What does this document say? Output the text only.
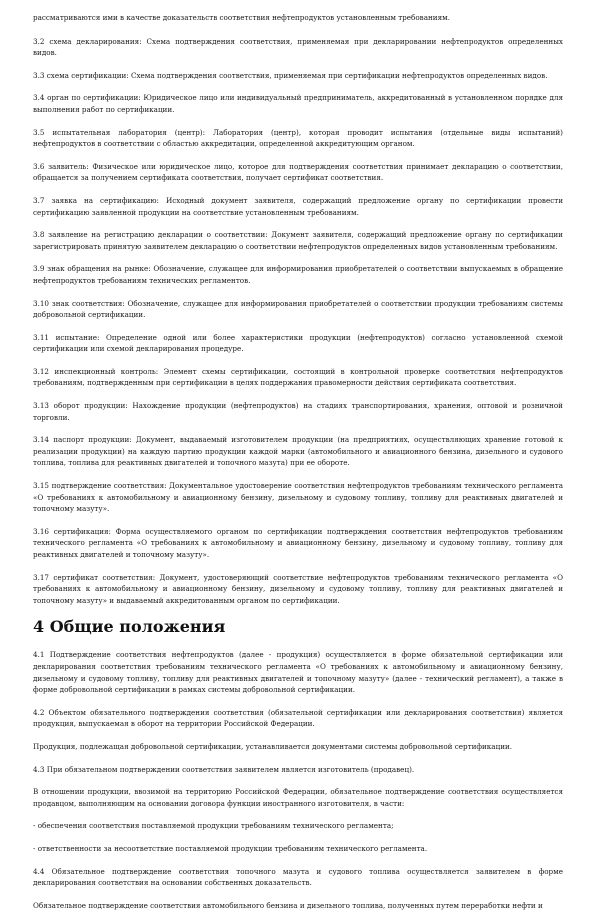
рассматриваются ими в качестве доказательств соответствия нефтепродуктов установленным требованиям.

3.2 схема декларирования: Схема подтверждения соответствия, применяемая при декларировании нефтепродуктов определенных видов.

3.3 схема сертификации: Схема подтверждения соответствия, применяемая при сертификации нефтепродуктов определенных видов.

3.4 орган по сертификации: Юридическое лицо или индивидуальный предприниматель, аккредитованный в установленном порядке для выполнения работ по сертификации.

3.5 испытательная лаборатория (центр): Лаборатория (центр), которая проводит испытания (отдельные виды испытаний) нефтепродуктов в соответствии с областью аккредитации, определенной аккредитующим органом.

3.6 заявитель: Физическое или юридическое лицо, которое для подтверждения соответствия принимает декларацию о соответствии, обращается за получением сертификата соответствия, получает сертификат соответствия.

3.7 заявка на сертификацию: Исходный документ заявителя, содержащий предложение органу по сертификации провести сертификацию заявленной продукции на соответствие установленным требованиям.

3.8 заявление на регистрацию декларации о соответствии: Документ заявителя, содержащий предложение органу по сертификации зарегистрировать принятую заявителем декларацию о соответствии нефтепродуктов определенных видов установленным требованиям.

3.9 знак обращения на рынке: Обозначение, служащее для информирования приобретателей о соответствии выпускаемых в обращение нефтепродуктов требованиям технических регламентов.

3.10 знак соответствия: Обозначение, служащее для информирования приобретателей о соответствии продукции требованиям системы добровольной сертификации.

3.11 испытание: Определение одной или более характеристики продукции (нефтепродуктов) согласно установленной схемой сертификации или схемой декларирования процедуре.

3.12 инспекционный контроль: Элемент схемы сертификации, состоящий в контрольной проверке соответствия нефтепродуктов требованиям, подтвержденным при сертификации в целях поддержания правомерности действия сертификата соответствия.

3.13 оборот продукции: Нахождение продукции (нефтепродуктов) на стадиях транспортирования, хранения, оптовой и розничной торговли.

3.14 паспорт продукции: Документ, выдаваемый изготовителем продукции (на предприятиях, осуществляющих хранение готовой к реализации продукции) на каждую партию продукции каждой марки (автомобильного и авиационного бензина, дизельного и судового топлива, топлива для реактивных двигателей и топочного мазута) при ее обороте.

3.15 подтверждение соответствия: Документальное удостоверение соответствия нефтепродуктов требованиям технического регламента «О требованиях к автомобильному и авиационному бензину, дизельному и судовому топливу, топливу для реактивных двигателей и топочному мазуту».

3.16 сертификация: Форма осуществляемого органом по сертификации подтверждения соответствия нефтепродуктов требованиям технического регламента «О требованиях к автомобильному и авиационному бензину, дизельному и судовому топливу, топливу для реактивных двигателей и топочному мазуту».

3.17 сертификат соответствия: Документ, удостоверяющий соответствие нефтепродуктов требованиям технического регламента «О требованиях к автомобильному и авиационному бензину, дизельному и судовому топливу, топливу для реактивных двигателей и топочному мазуту» и выдаваемый аккредитованным органом по сертификации.

4 Общие положения

4.1 Подтверждение соответствия нефтепродуктов (далее - продукция) осуществляется в форме обязательной сертификации или декларирования соответствия требованиям технического регламента «О требованиях к автомобильному и авиационному бензину, дизельному и судовому топливу, топливу для реактивных двигателей и топочному мазуту» (далее - технический регламент), а также в форме добровольной сертификации в рамках системы добровольной сертификации.

4.2 Объектом обязательного подтверждения соответствия (обязательной сертификации или декларирования соответствия) является продукция, выпускаемая в оборот на территории Российской Федерации.

Продукция, подлежащая добровольной сертификации, устанавливается документами системы добровольной сертификации.

4.3 При обязательном подтверждении соответствия заявителем является изготовитель (продавец).

В отношении продукции, ввозимой на территорию Российской Федерации, обязательное подтверждение соответствия осуществляется продавцом, выполняющим на основании договора функции иностранного изготовителя, в части:

- обеспечения соответствия поставляемой продукции требованиям технического регламента;

- ответственности за несоответствие поставляемой продукции требованиям технического регламента.

4.4 Обязательное подтверждение соответствия топочного мазута и судового топлива осуществляется заявителем в форме декларирования соответствия на основании собственных доказательств.

Обязательное подтверждение соответствия автомобильного бензина и дизельного топлива, полученных путем переработки нефти и
